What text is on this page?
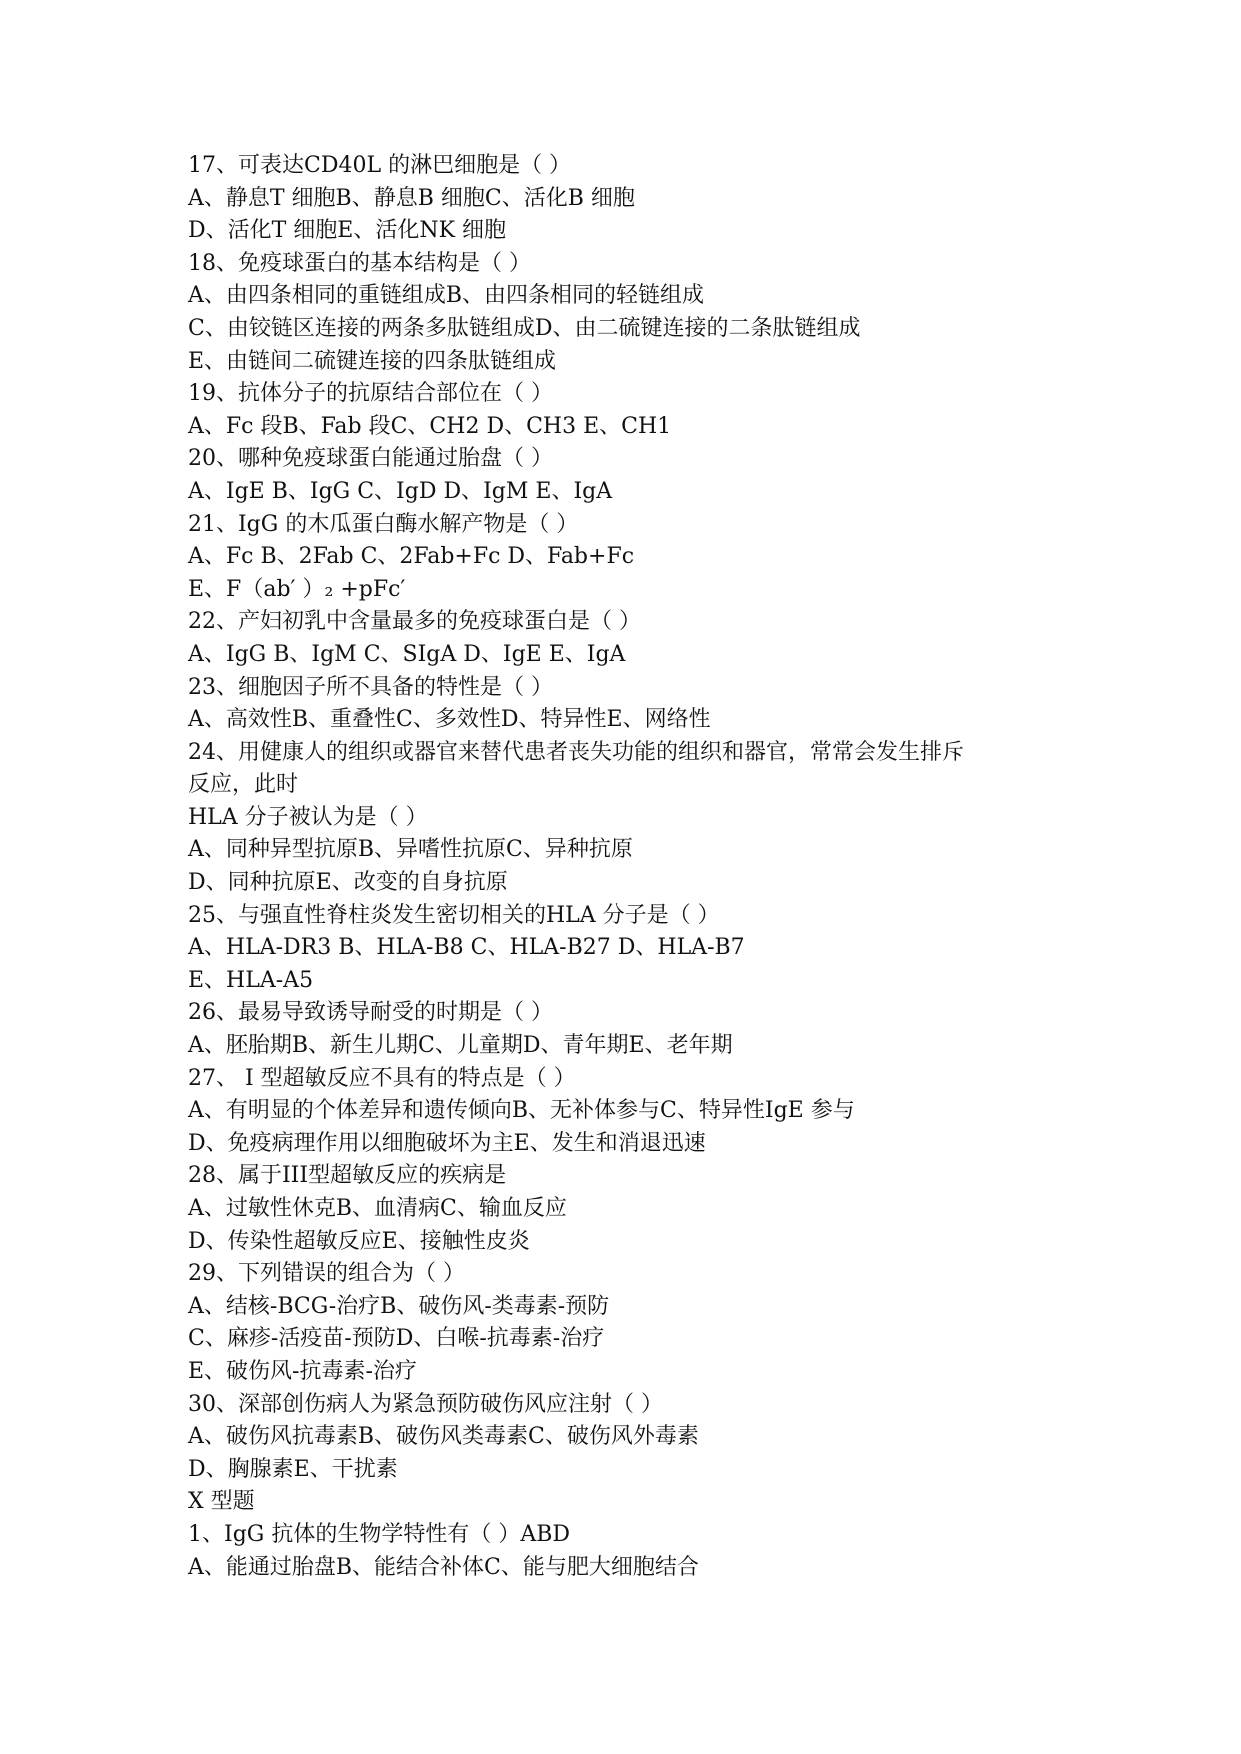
17、可表达CD40L 的淋巴细胞是（ ）
A、静息T 细胞B、静息B 细胞C、活化B 细胞
D、活化T 细胞E、活化NK 细胞
18、免疫球蛋白的基本结构是（ ）
A、由四条相同的重链组成B、由四条相同的轻链组成
C、由铰链区连接的两条多肽链组成D、由二硫键连接的二条肽链组成
E、由链间二硫键连接的四条肽链组成
19、抗体分子的抗原结合部位在（ ）
A、Fc 段B、Fab 段C、CH2 D、CH3 E、CH1
20、哪种免疫球蛋白能通过胎盘（ ）
A、IgE B、IgG C、IgD D、IgM E、IgA
21、IgG 的木瓜蛋白酶水解产物是（ ）
A、Fc B、2Fab C、2Fab+Fc D、Fab+Fc
E、F（ab′ ）₂ +pFc′
22、产妇初乳中含量最多的免疫球蛋白是（ ）
A、IgG B、IgM C、SIgA D、IgE E、IgA
23、细胞因子所不具备的特性是（ ）
A、高效性B、重叠性C、多效性D、特异性E、网络性
24、用健康人的组织或器官来替代患者丧失功能的组织和器官，常常会发生排斥
反应，此时
HLA 分子被认为是（ ）
A、同种异型抗原B、异嗜性抗原C、异种抗原
D、同种抗原E、改变的自身抗原
25、与强直性脊柱炎发生密切相关的HLA 分子是（ ）
A、HLA-DR3 B、HLA-B8 C、HLA-B27 D、HLA-B7
E、HLA-A5
26、最易导致诱导耐受的时期是（ ）
A、胚胎期B、新生儿期C、儿童期D、青年期E、老年期
27、 I 型超敏反应不具有的特点是（ ）
A、有明显的个体差异和遗传倾向B、无补体参与C、特异性IgE 参与
D、免疫病理作用以细胞破坏为主E、发生和消退迅速
28、属于III型超敏反应的疾病是
A、过敏性休克B、血清病C、输血反应
D、传染性超敏反应E、接触性皮炎
29、下列错误的组合为（ ）
A、结核-BCG-治疗B、破伤风-类毒素-预防
C、麻疹-活疫苗-预防D、白喉-抗毒素-治疗
E、破伤风-抗毒素-治疗
30、深部创伤病人为紧急预防破伤风应注射（ ）
A、破伤风抗毒素B、破伤风类毒素C、破伤风外毒素
D、胸腺素E、干扰素
X 型题
1、IgG 抗体的生物学特性有（ ）ABD
A、能通过胎盘B、能结合补体C、能与肥大细胞结合
